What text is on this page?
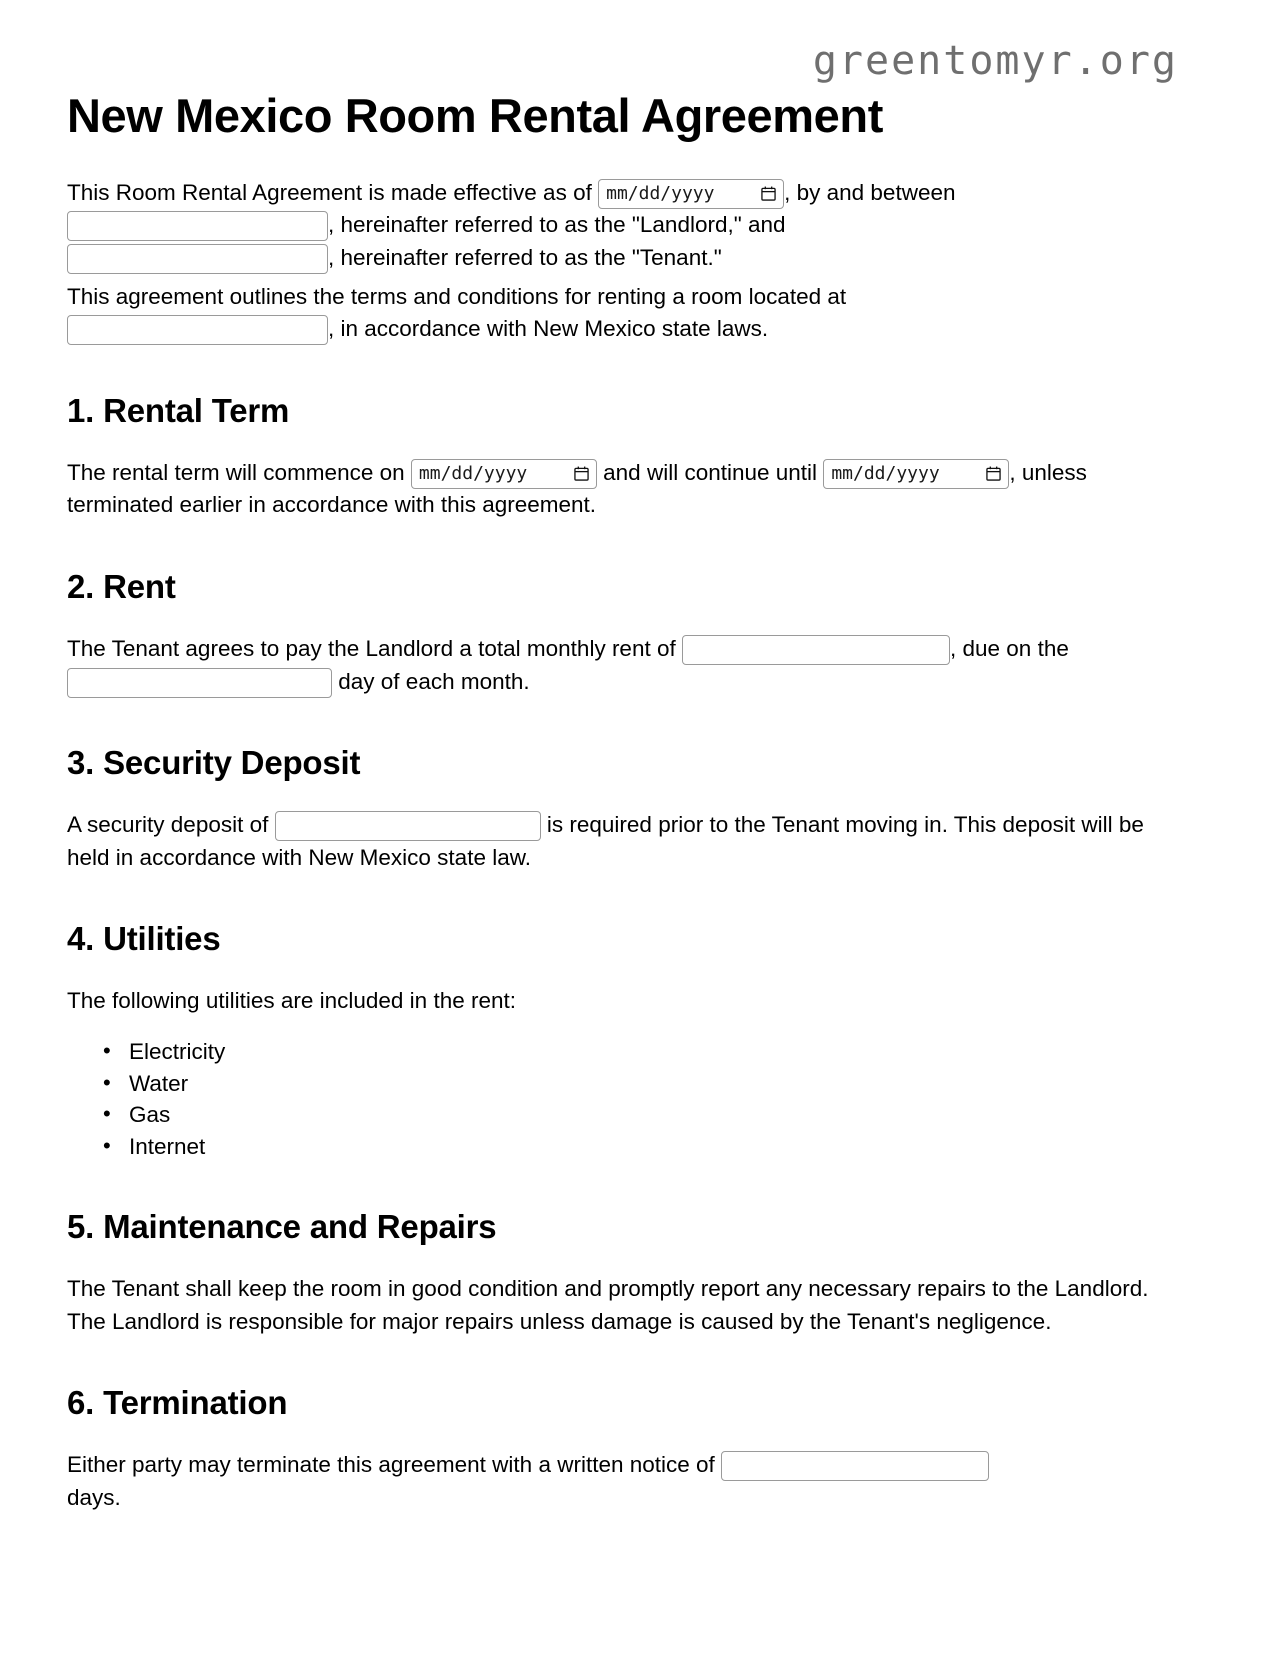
greentomyr.org
New Mexico Room Rental Agreement

This Room Rental Agreement is made effective as of mm/dd/yyyy	, by and between
, hereinafter referred to as the "Landlord," and
, hereinafter referred to as the "Tenant."

This agreement outlines the terms and conditions for renting a room located at
, in accordance with New Mexico state laws.

1. Rental Term

The rental term will commence on mm/dd/yyyy	and will continue until mm/dd/yyyy	, unless terminated earlier in accordance with this agreement.

2. Rent

The Tenant agrees to pay the Landlord a total monthly rent of	, due on the  day of each month.

3. Security Deposit

A security deposit of	is required prior to the Tenant moving in. This deposit will be held in accordance with New Mexico state law.

4. Utilities

The following utilities are included in the rent:

• Electricity
• Water
• Gas
• Internet
5. Maintenance and Repairs

The Tenant shall keep the room in good condition and promptly report any necessary repairs to the Landlord. The Landlord is responsible for major repairs unless damage is caused by the Tenant's negligence.

6. Termination

Either party may terminate this agreement with a written notice of
days.
